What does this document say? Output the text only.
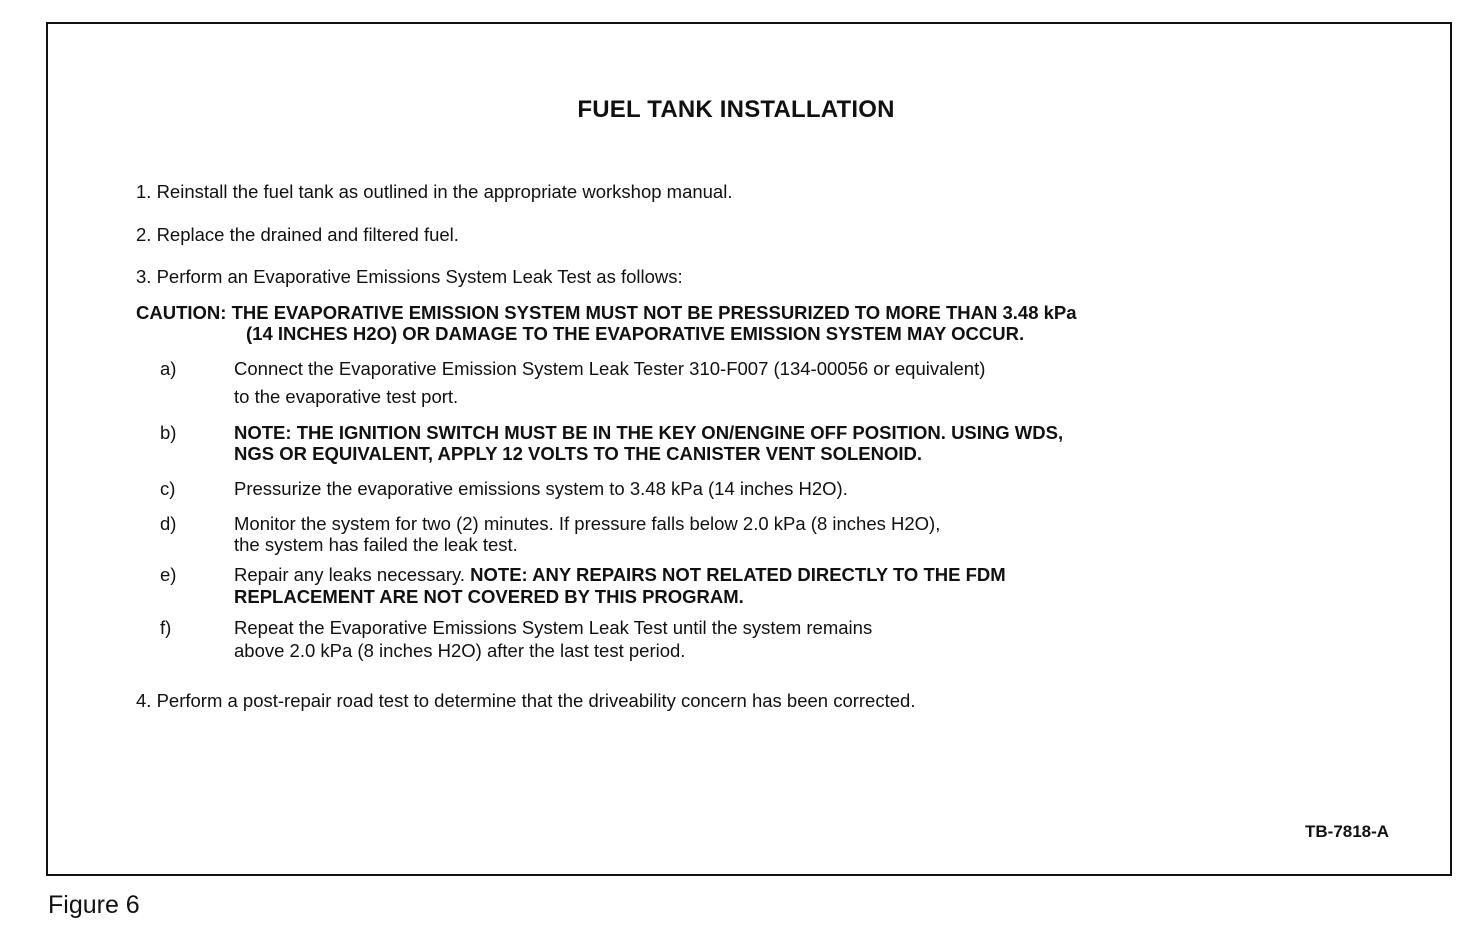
FUEL TANK INSTALLATION
1. Reinstall the fuel tank as outlined in the appropriate workshop manual.
2. Replace the drained and filtered fuel.
3. Perform an Evaporative Emissions System Leak Test as follows:
CAUTION: THE EVAPORATIVE EMISSION SYSTEM MUST NOT BE PRESSURIZED TO MORE THAN 3.48 kPa
(14 INCHES H2O) OR DAMAGE TO THE EVAPORATIVE EMISSION SYSTEM MAY OCCUR.
a)	Connect the Evaporative Emission System Leak Tester 310-F007 (134-00056 or equivalent)
to the evaporative test port.
b)	NOTE: THE IGNITION SWITCH MUST BE IN THE KEY ON/ENGINE OFF POSITION. USING WDS,
NGS OR EQUIVALENT, APPLY 12 VOLTS TO THE CANISTER VENT SOLENOID.
c)	Pressurize the evaporative emissions system to 3.48 kPa (14 inches H2O).
d)	Monitor the system for two (2) minutes. If pressure falls below 2.0 kPa (8 inches H2O),
the system has failed the leak test.
e)	Repair any leaks necessary. NOTE: ANY REPAIRS NOT RELATED DIRECTLY TO THE FDM
REPLACEMENT ARE NOT COVERED BY THIS PROGRAM.
f)	Repeat the Evaporative Emissions System Leak Test until the system remains
above 2.0 kPa (8 inches H2O) after the last test period.
4. Perform a post-repair road test to determine that the driveability concern has been corrected.
TB-7818-A
Figure 6
